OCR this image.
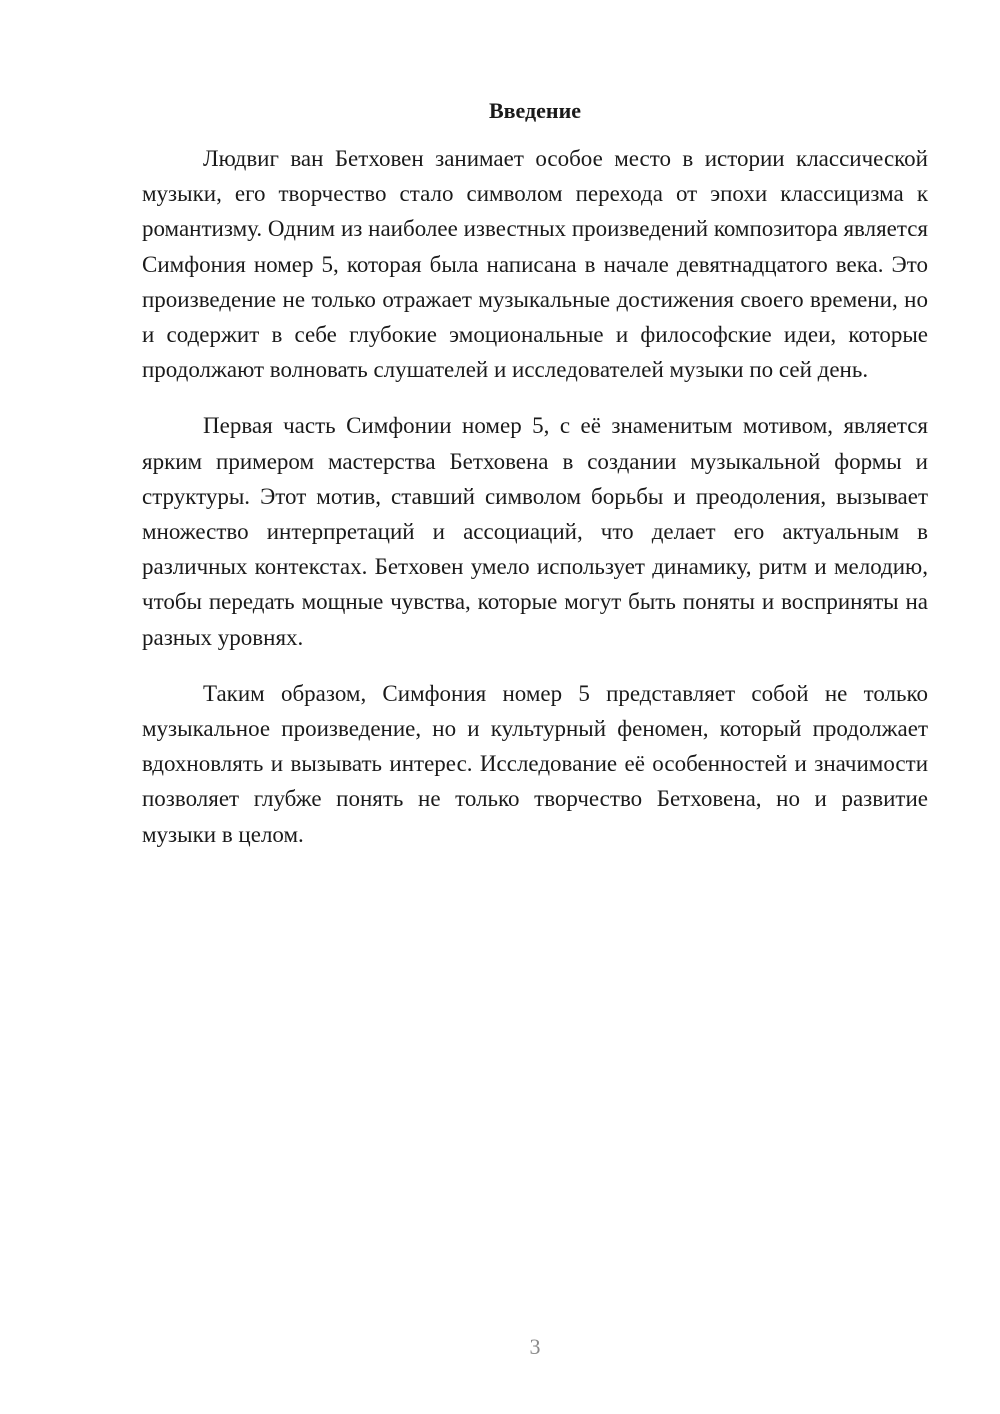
Введение

Людвиг ван Бетховен занимает особое место в истории классической музыки, его творчество стало символом перехода от эпохи классицизма к романтизму. Одним из наиболее известных произведений композитора является Симфония номер 5, которая была написана в начале девятнадцатого века. Это произведение не только отражает музыкальные достижения своего времени, но и содержит в себе глубокие эмоциональные и философские идеи, которые продолжают волновать слушателей и исследователей музыки по сей день.

Первая часть Симфонии номер 5, с её знаменитым мотивом, является ярким примером мастерства Бетховена в создании музыкальной формы и структуры. Этот мотив, ставший символом борьбы и преодоления, вызывает множество интерпретаций и ассоциаций, что делает его актуальным в различных контекстах. Бетховен умело использует динамику, ритм и мелодию, чтобы передать мощные чувства, которые могут быть поняты и восприняты на разных уровнях.

Таким образом, Симфония номер 5 представляет собой не только музыкальное произведение, но и культурный феномен, который продолжает вдохновлять и вызывать интерес. Исследование её особенностей и значимости позволяет глубже понять не только творчество Бетховена, но и развитие музыки в целом.

3
